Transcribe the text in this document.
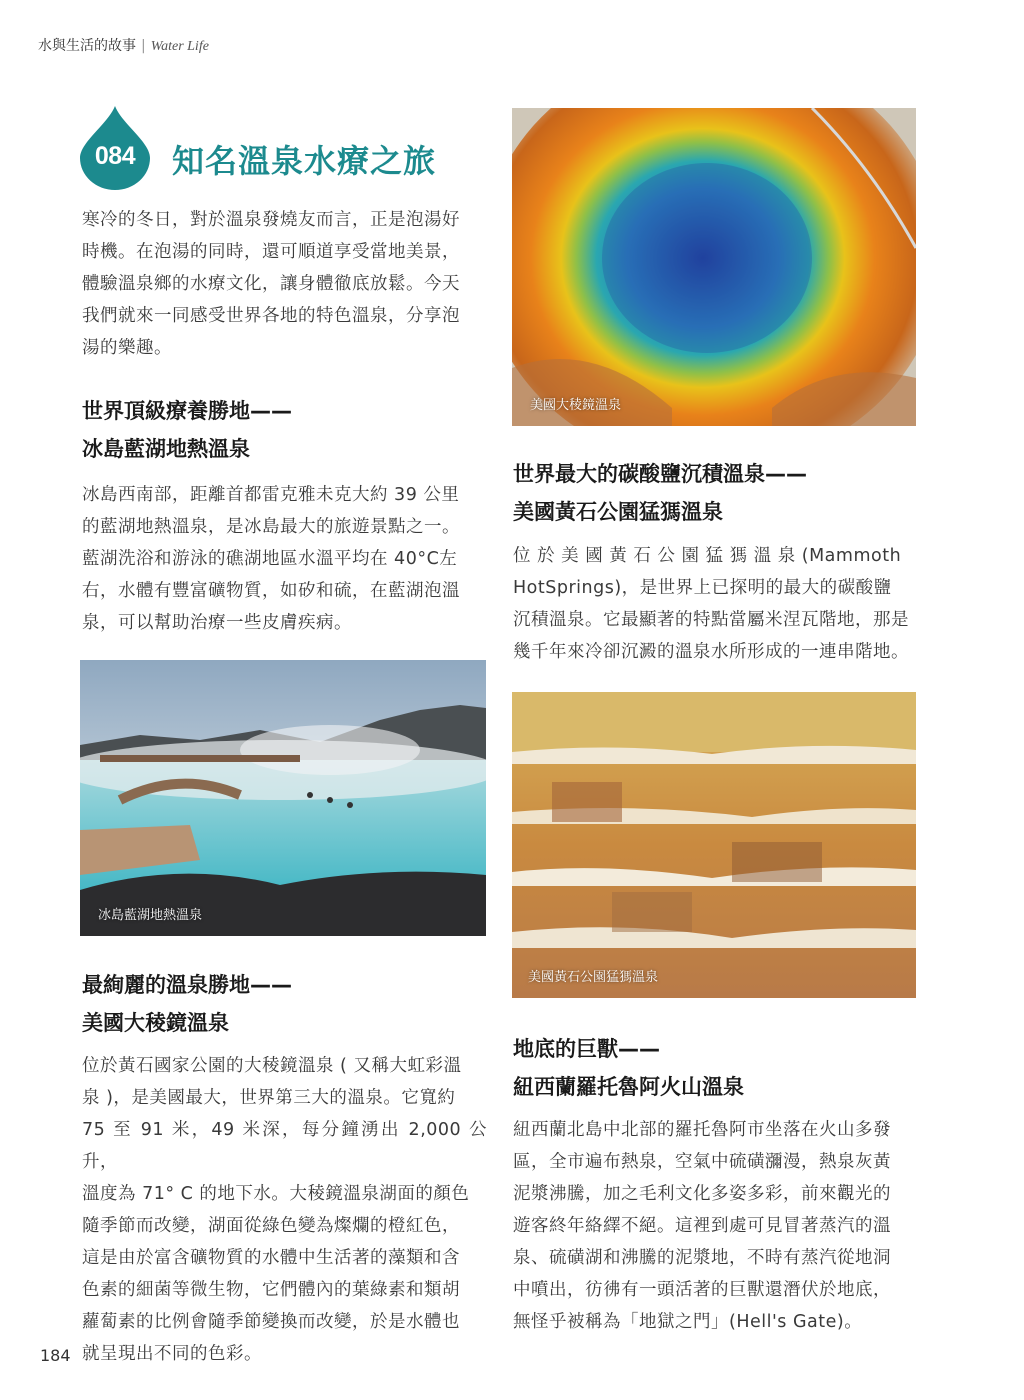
水與生活的故事 | Water Life
084	知名溫泉水療之旅
寒冷的冬日，對於溫泉發燒友而言，正是泡湯好
時機。在泡湯的同時，還可順道享受當地美景，
體驗溫泉鄉的水療文化，讓身體徹底放鬆。今天
我們就來一同感受世界各地的特色溫泉，分享泡
湯的樂趣。
世界頂級療養勝地——
冰島藍湖地熱溫泉
冰島西南部，距離首都雷克雅未克大約 39 公里
的藍湖地熱溫泉，是冰島最大的旅遊景點之一。
藍湖洗浴和游泳的礁湖地區水溫平均在 40°C左
右，水體有豐富礦物質，如矽和硫，在藍湖泡溫
泉，可以幫助治療一些皮膚疾病。
冰島藍湖地熱溫泉
最絢麗的溫泉勝地——
美國大稜鏡溫泉
位於黃石國家公園的大稜鏡溫泉 ( 又稱大虹彩溫
泉 )，是美國最大，世界第三大的溫泉。它寬約
75 至 91 米，49 米深，每分鐘湧出 2,000 公升，
溫度為 71° C 的地下水。大稜鏡溫泉湖面的顏色
隨季節而改變，湖面從綠色變為燦爛的橙紅色，
這是由於富含礦物質的水體中生活著的藻類和含
色素的細菌等微生物，它們體內的葉綠素和類胡
蘿蔔素的比例會隨季節變換而改變，於是水體也
就呈現出不同的色彩。
美國大稜鏡溫泉
世界最大的碳酸鹽沉積溫泉——
美國黃石公園猛獁溫泉
位 於 美 國 黃 石 公 園 猛 獁 溫 泉 (Mammoth
HotSprings)，是世界上已探明的最大的碳酸鹽
沉積溫泉。它最顯著的特點當屬米涅瓦階地，那是
幾千年來冷卻沉澱的溫泉水所形成的一連串階地。
美國黃石公園猛獁溫泉
地底的巨獸——
紐西蘭羅托魯阿火山溫泉
紐西蘭北島中北部的羅托魯阿市坐落在火山多發
區，全市遍布熱泉，空氣中硫磺瀰漫，熱泉灰黃
泥漿沸騰，加之毛利文化多姿多彩，前來觀光的
遊客終年絡繹不絕。這裡到處可見冒著蒸汽的溫
泉、硫磺湖和沸騰的泥漿地，不時有蒸汽從地洞
中噴出，彷彿有一頭活著的巨獸還潛伏於地底，
無怪乎被稱為「地獄之門」(Hell's Gate)。
184
